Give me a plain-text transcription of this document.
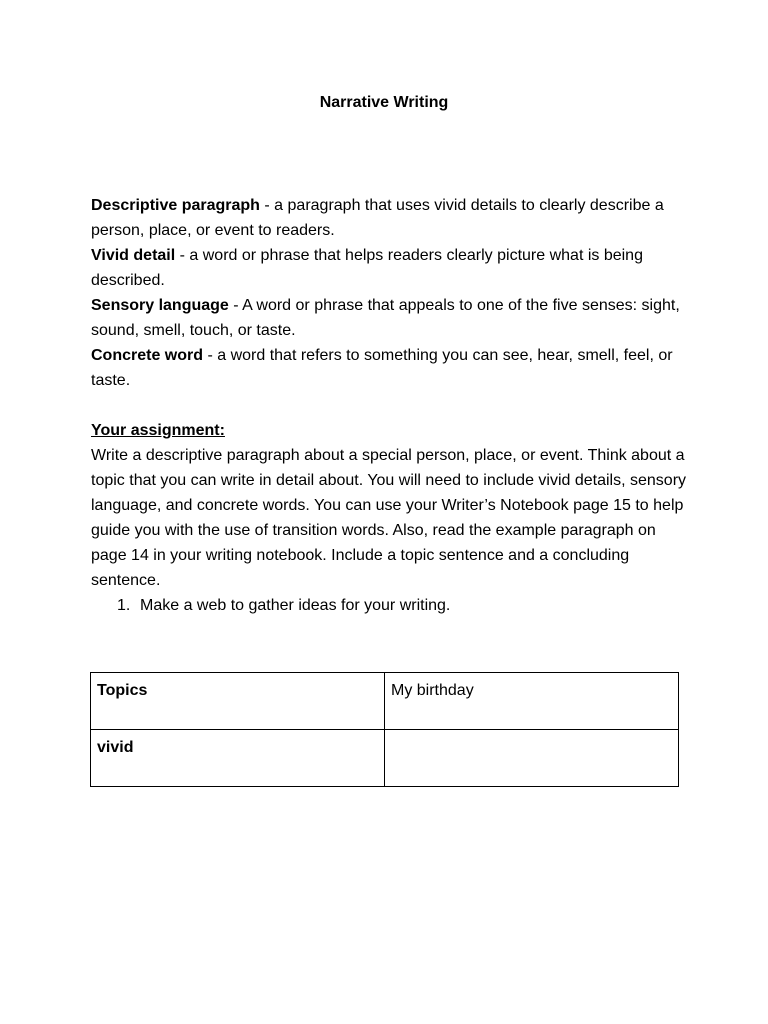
Narrative Writing

Descriptive paragraph - a paragraph that uses vivid details to clearly describe a person, place, or event to readers.

Vivid detail - a word or phrase that helps readers clearly picture what is being described.

Sensory language - A word or phrase that appeals to one of the five senses: sight, sound, smell, touch, or taste.

Concrete word - a word that refers to something you can see, hear, smell, feel, or taste.

Your assignment:

Write a descriptive paragraph about a special person, place, or event. Think about a topic that you can write in detail about. You will need to include vivid details, sensory language, and concrete words. You can use your Writer’s Notebook page 15 to help guide you with the use of transition words. Also, read the example paragraph on page 14 in your writing notebook. Include a topic sentence and a concluding sentence.

1. Make a web to gather ideas for your writing.
Topics	My birthday
vivid	
